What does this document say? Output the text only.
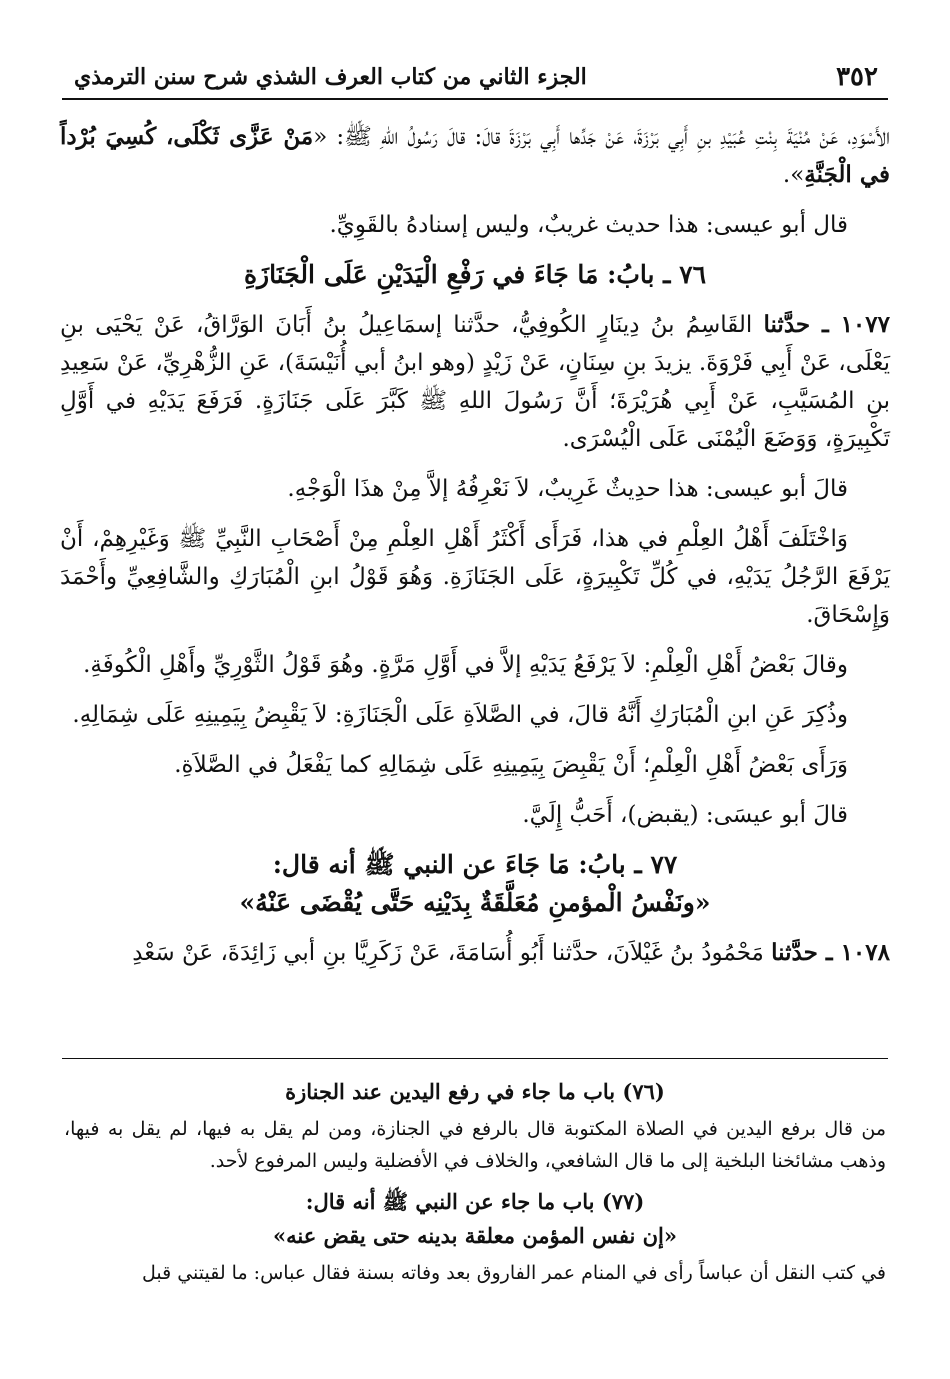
٣٥٢
الجزء الثاني من كتاب العرف الشذي شرح سنن الترمذي

الأَسْوَدِ، عَنْ مُنْيَةَ بِنْتِ عُبَيْدِ بنِ أَبِي بَرْزَةَ، عَنْ جَدِّها أَبِي بَرْزَةَ قالَ: قالَ رَسُولُ اللهِ ﷺ: «مَنْ عَزَّى ثَكْلَى، كُسِيَ بُرْداً في الْجَنَّةِ».

قال أبو عيسى: هذا حديث غريبٌ، وليس إسنادهُ بالقَوِيِّ.

٧٦ ـ بابُ: مَا جَاءَ في رَفْعِ الْيَدَيْنِ عَلَى الْجَنَازَةِ

١٠٧٧ ـ حدَّثنا القَاسِمُ بنُ دِينَارٍ الكُوفِيُّ، حدَّثنا إسمَاعِيلُ بنُ أَبَانَ الوَرَّاقُ، عَنْ يَحْيَى بنِ يَعْلَى، عَنْ أَبِي فَرْوَةَ. يزيدَ بنِ سِنَانٍ، عَنْ زَيْدٍ (وهو ابنُ أبي أُنَيْسَةَ)، عَنِ الزُّهْرِيِّ، عَنْ سَعِيدِ بنِ المُسَيَّبِ، عَنْ أَبِي هُرَيْرَةَ؛ أَنَّ رَسُولَ اللهِ ﷺ كَبَّرَ عَلَى جَنَازَةٍ. فَرَفَعَ يَدَيْهِ في أَوَّلِ تَكْبِيرَةٍ، وَوَضَعَ الْيُمْنَى عَلَى الْيُسْرَى.

قالَ أبو عيسى: هذا حدِيثٌ غَرِيبٌ، لاَ نَعْرِفُهُ إلاَّ مِنْ هذَا الْوَجْهِ.

وَاخْتَلَفَ أَهْلُ العِلْمِ في هذا، فَرَأَى أَكْثَرُ أَهْلِ العِلْمِ مِنْ أَصْحَابِ النَّبِيِّ ﷺ وَغَيْرِهِمْ، أَنْ يَرْفَعَ الرَّجُلُ يَدَيْهِ، في كُلِّ تَكْبِيرَةٍ، عَلَى الجَنَازَةِ. وَهُوَ قَوْلُ ابنِ الْمُبَارَكِ والشَّافِعِيِّ وأَحْمَدَ وَإِسْحَاقَ.

وقالَ بَعْضُ أَهْلِ الْعِلْمِ: لاَ يَرْفَعُ يَدَيْهِ إلاَّ في أَوَّلِ مَرَّةٍ. وهُوَ قَوْلُ الثَّوْرِيِّ وأَهْلِ الْكُوفَةِ.

وذُكِرَ عَنِ ابنِ الْمُبَارَكِ أَنَّهُ قالَ، في الصَّلاَةِ عَلَى الْجَنَازَةِ: لاَ يَقْبِضُ بِيَمِينِهِ عَلَى شِمَالِهِ.

وَرَأَى بَعْضُ أَهْلِ الْعِلْمِ؛ أَنْ يَقْبِضَ بِيَمِينِهِ عَلَى شِمَالِهِ كما يَفْعَلُ في الصَّلاَةِ.

قالَ أبو عيسَى: (يقبض)، أَحَبُّ إِلَيَّ.

٧٧ ـ بابُ: مَا جَاءَ عن النبي ﷺ أنه قال:
«ونَفْسُ الْمؤمنِ مُعَلَّقَةٌ بِدَيْنِه حَتَّى يُقْضَى عَنْهُ»

١٠٧٨ ـ حدَّثنا مَحْمُودُ بنُ غَيْلاَنَ، حدَّثنا أَبُو أُسَامَةَ، عَنْ زَكَرِيَّا بنِ أبي زَائِدَةَ، عَنْ سَعْدِ

(٧٦) باب ما جاء في رفع اليدين عند الجنازة

من قال برفع اليدين في الصلاة المكتوبة قال بالرفع في الجنازة، ومن لم يقل به فيها، لم يقل به فيها، وذهب مشائخنا البلخية إلى ما قال الشافعي، والخلاف في الأفضلية وليس المرفوع لأحد.

(٧٧) باب ما جاء عن النبي ﷺ أنه قال:
«إن نفس المؤمن معلقة بدينه حتى يقض عنه»

في كتب النقل أن عباساً رأى في المنام عمر الفاروق بعد وفاته بسنة فقال عباس: ما لقيتني قبل
